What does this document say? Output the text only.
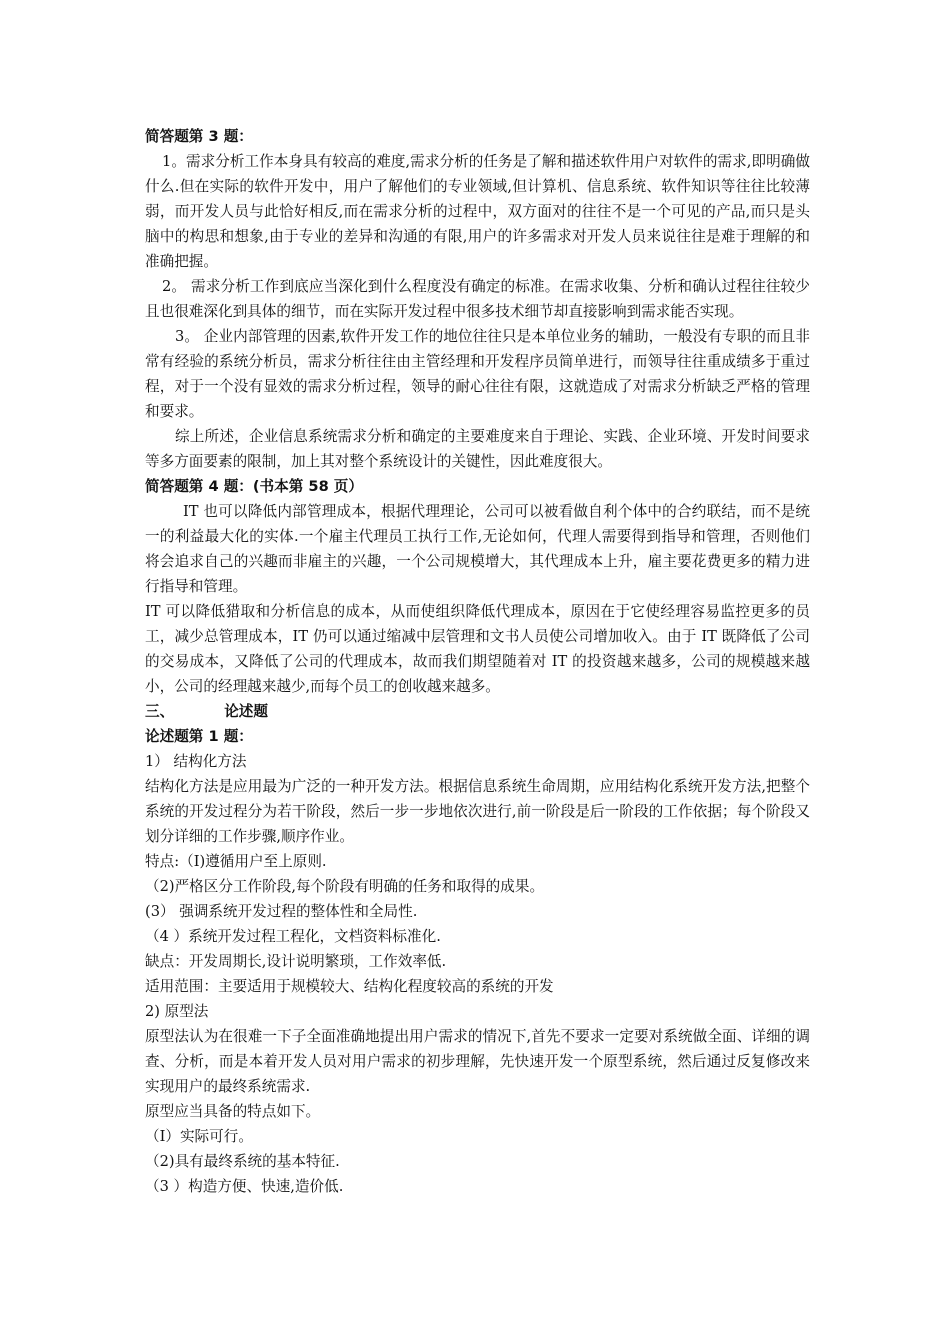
简答题第 3 题：

1。需求分析工作本身具有较高的难度,需求分析的任务是了解和描述软件用户对软件的需求,即明确做什么.但在实际的软件开发中，用户了解他们的专业领域,但计算机、信息系统、软件知识等往往比较薄弱，而开发人员与此恰好相反,而在需求分析的过程中，双方面对的往往不是一个可见的产品,而只是头脑中的构思和想象,由于专业的差异和沟通的有限,用户的许多需求对开发人员来说往往是难于理解的和准确把握。

2。 需求分析工作到底应当深化到什么程度没有确定的标准。在需求收集、分析和确认过程往往较少且也很难深化到具体的细节，而在实际开发过程中很多技术细节却直接影响到需求能否实现。

3。 企业内部管理的因素,软件开发工作的地位往往只是本单位业务的辅助，一般没有专职的而且非常有经验的系统分析员，需求分析往往由主管经理和开发程序员简单进行，而领导往往重成绩多于重过程，对于一个没有显效的需求分析过程，领导的耐心往往有限，这就造成了对需求分析缺乏严格的管理和要求。

综上所述，企业信息系统需求分析和确定的主要难度来自于理论、实践、企业环境、开发时间要求等多方面要素的限制，加上其对整个系统设计的关键性，因此难度很大。

简答题第 4 题：(书本第 58 页）

IT 也可以降低内部管理成本，根据代理理论，公司可以被看做自利个体中的合约联结，而不是统一的利益最大化的实体.一个雇主代理员工执行工作,无论如何，代理人需要得到指导和管理，否则他们将会追求自己的兴趣而非雇主的兴趣，一个公司规模增大，其代理成本上升，雇主要花费更多的精力进行指导和管理。

IT 可以降低猎取和分析信息的成本，从而使组织降低代理成本，原因在于它使经理容易监控更多的员工，减少总管理成本，IT 仍可以通过缩减中层管理和文书人员使公司增加收入。由于 IT 既降低了公司的交易成本，又降低了公司的代理成本，故而我们期望随着对 IT 的投资越来越多，公司的规模越来越小，公司的经理越来越少,而每个员工的创收越来越多。

三、	论述题

论述题第 1 题：

1） 结构化方法

结构化方法是应用最为广泛的一种开发方法。根据信息系统生命周期，应用结构化系统开发方法,把整个系统的开发过程分为若干阶段，然后一步一步地依次进行,前一阶段是后一阶段的工作依据；每个阶段又划分详细的工作步骤,顺序作业。

特点:（I)遵循用户至上原则.

（2)严格区分工作阶段,每个阶段有明确的任务和取得的成果。

(3） 强调系统开发过程的整体性和全局性.

（4 ）系统开发过程工程化，文档资料标准化.

缺点：开发周期长,设计说明繁琐，工作效率低.

适用范围：主要适用于规模较大、结构化程度较高的系统的开发

2) 原型法

原型法认为在很难一下子全面准确地提出用户需求的情况下,首先不要求一定要对系统做全面、详细的调查、分析，而是本着开发人员对用户需求的初步理解，先快速开发一个原型系统，然后通过反复修改来实现用户的最终系统需求.

原型应当具备的特点如下。

（I）实际可行。

（2)具有最终系统的基本特征.

（3 ）构造方便、快速,造价低.
